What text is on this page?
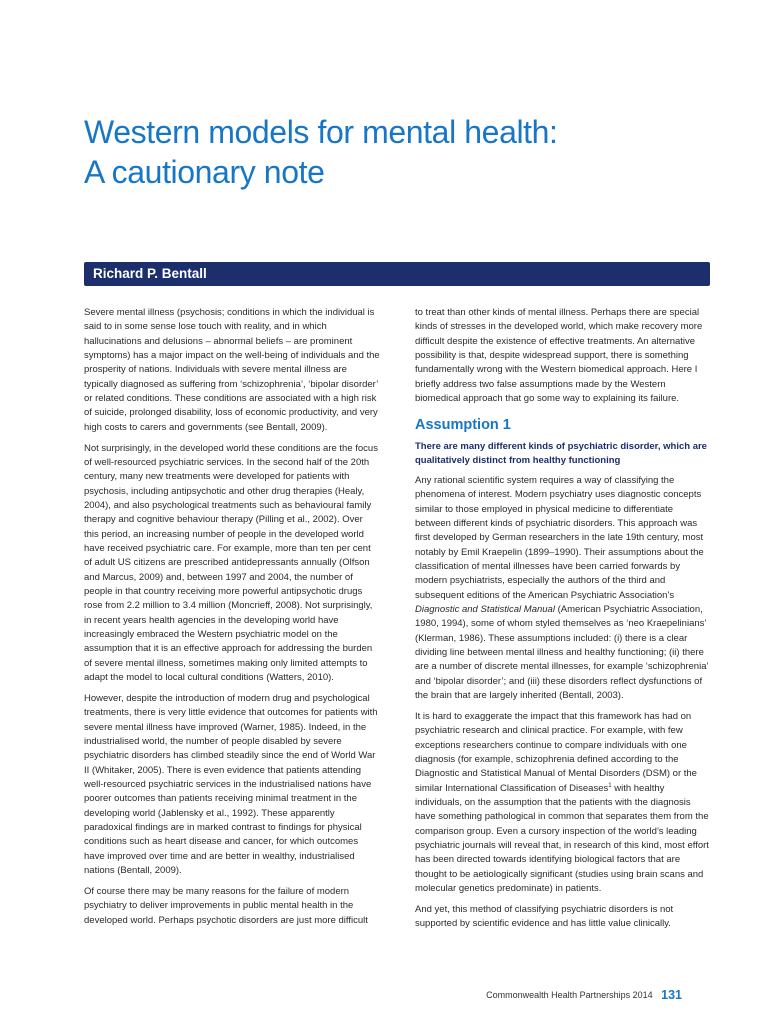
Western models for mental health:
A cautionary note
Richard P. Bentall

Severe mental illness (psychosis; conditions in which the individual is said to in some sense lose touch with reality, and in which hallucinations and delusions – abnormal beliefs – are prominent symptoms) has a major impact on the well-being of individuals and the prosperity of nations. Individuals with severe mental illness are typically diagnosed as suffering from ‘schizophrenia’, ‘bipolar disorder’ or related conditions. These conditions are associated with a high risk of suicide, prolonged disability, loss of economic productivity, and very high costs to carers and governments (see Bentall, 2009).

Not surprisingly, in the developed world these conditions are the focus of well-resourced psychiatric services. In the second half of the 20th century, many new treatments were developed for patients with psychosis, including antipsychotic and other drug therapies (Healy, 2004), and also psychological treatments such as behavioural family therapy and cognitive behaviour therapy (Pilling et al., 2002). Over this period, an increasing number of people in the developed world have received psychiatric care. For example, more than ten per cent of adult US citizens are prescribed antidepressants annually (Olfson and Marcus, 2009) and, between 1997 and 2004, the number of people in that country receiving more powerful antipsychotic drugs rose from 2.2 million to 3.4 million (Moncrieff, 2008). Not surprisingly, in recent years health agencies in the developing world have increasingly embraced the Western psychiatric model on the assumption that it is an effective approach for addressing the burden of severe mental illness, sometimes making only limited attempts to adapt the model to local cultural conditions (Watters, 2010).

However, despite the introduction of modern drug and psychological treatments, there is very little evidence that outcomes for patients with severe mental illness have improved (Warner, 1985). Indeed, in the industrialised world, the number of people disabled by severe psychiatric disorders has climbed steadily since the end of World War II (Whitaker, 2005). There is even evidence that patients attending well-resourced psychiatric services in the industrialised nations have poorer outcomes than patients receiving minimal treatment in the developing world (Jablensky et al., 1992). These apparently paradoxical findings are in marked contrast to findings for physical conditions such as heart disease and cancer, for which outcomes have improved over time and are better in wealthy, industrialised nations (Bentall, 2009).

Of course there may be many reasons for the failure of modern psychiatry to deliver improvements in public mental health in the developed world. Perhaps psychotic disorders are just more difficult

to treat than other kinds of mental illness. Perhaps there are special kinds of stresses in the developed world, which make recovery more difficult despite the existence of effective treatments. An alternative possibility is that, despite widespread support, there is something fundamentally wrong with the Western biomedical approach. Here I briefly address two false assumptions made by the Western biomedical approach that go some way to explaining its failure.

Assumption 1

There are many different kinds of psychiatric disorder, which are qualitatively distinct from healthy functioning

Any rational scientific system requires a way of classifying the phenomena of interest. Modern psychiatry uses diagnostic concepts similar to those employed in physical medicine to differentiate between different kinds of psychiatric disorders. This approach was first developed by German researchers in the late 19th century, most notably by Emil Kraepelin (1899–1990). Their assumptions about the classification of mental illnesses have been carried forwards by modern psychiatrists, especially the authors of the third and subsequent editions of the American Psychiatric Association’s Diagnostic and Statistical Manual (American Psychiatric Association, 1980, 1994), some of whom styled themselves as ‘neo Kraepelinians’ (Klerman, 1986). These assumptions included: (i) there is a clear dividing line between mental illness and healthy functioning; (ii) there are a number of discrete mental illnesses, for example ‘schizophrenia’ and ‘bipolar disorder’; and (iii) these disorders reflect dysfunctions of the brain that are largely inherited (Bentall, 2003).

It is hard to exaggerate the impact that this framework has had on psychiatric research and clinical practice. For example, with few exceptions researchers continue to compare individuals with one diagnosis (for example, schizophrenia defined according to the Diagnostic and Statistical Manual of Mental Disorders (DSM) or the similar International Classification of Diseases$^1$ with healthy individuals, on the assumption that the patients with the diagnosis have something pathological in common that separates them from the comparison group. Even a cursory inspection of the world’s leading psychiatric journals will reveal that, in research of this kind, most effort has been directed towards identifying biological factors that are thought to be aetiologically significant (studies using brain scans and molecular genetics predominate) in patients.

And yet, this method of classifying psychiatric disorders is not supported by scientific evidence and has little value clinically.

Commonwealth Health Partnerships 2014 131
